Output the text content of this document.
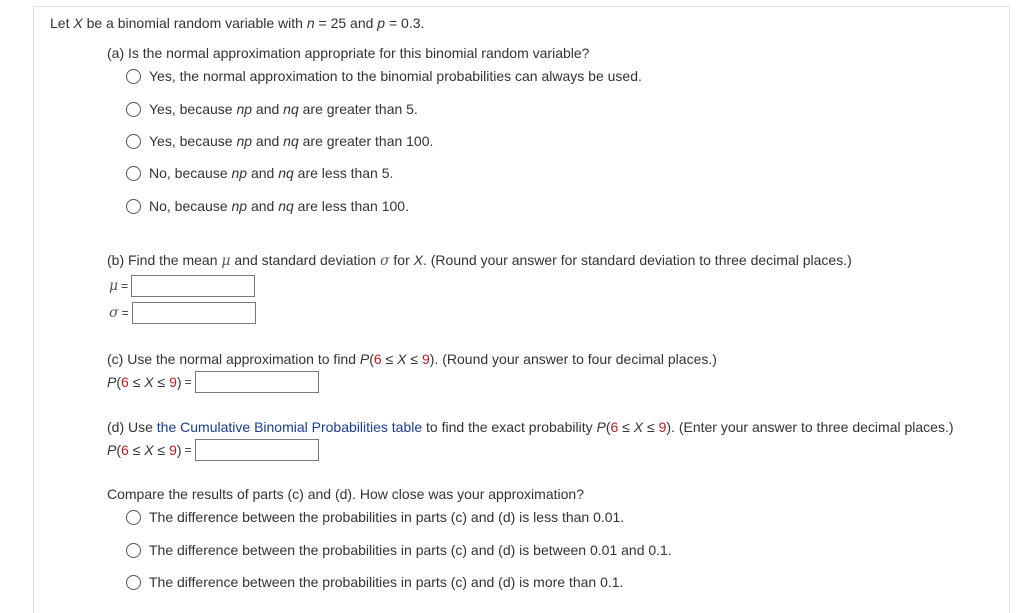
Let X be a binomial random variable with n = 25 and p = 0.3.
(a) Is the normal approximation appropriate for this binomial random variable?
Yes, the normal approximation to the binomial probabilities can always be used.
Yes, because np and nq are greater than 5.
Yes, because np and nq are greater than 100.
No, because np and nq are less than 5.
No, because np and nq are less than 100.
(b) Find the mean μ and standard deviation σ for X. (Round your answer for standard deviation to three decimal places.)
μ =
σ =
(c) Use the normal approximation to find P(6 ≤ X ≤ 9). (Round your answer to four decimal places.)
P(6 ≤ X ≤ 9) =
(d) Use the Cumulative Binomial Probabilities table to find the exact probability P(6 ≤ X ≤ 9). (Enter your answer to three decimal places.)
P(6 ≤ X ≤ 9) =
Compare the results of parts (c) and (d). How close was your approximation?
The difference between the probabilities in parts (c) and (d) is less than 0.01.
The difference between the probabilities in parts (c) and (d) is between 0.01 and 0.1.
The difference between the probabilities in parts (c) and (d) is more than 0.1.
